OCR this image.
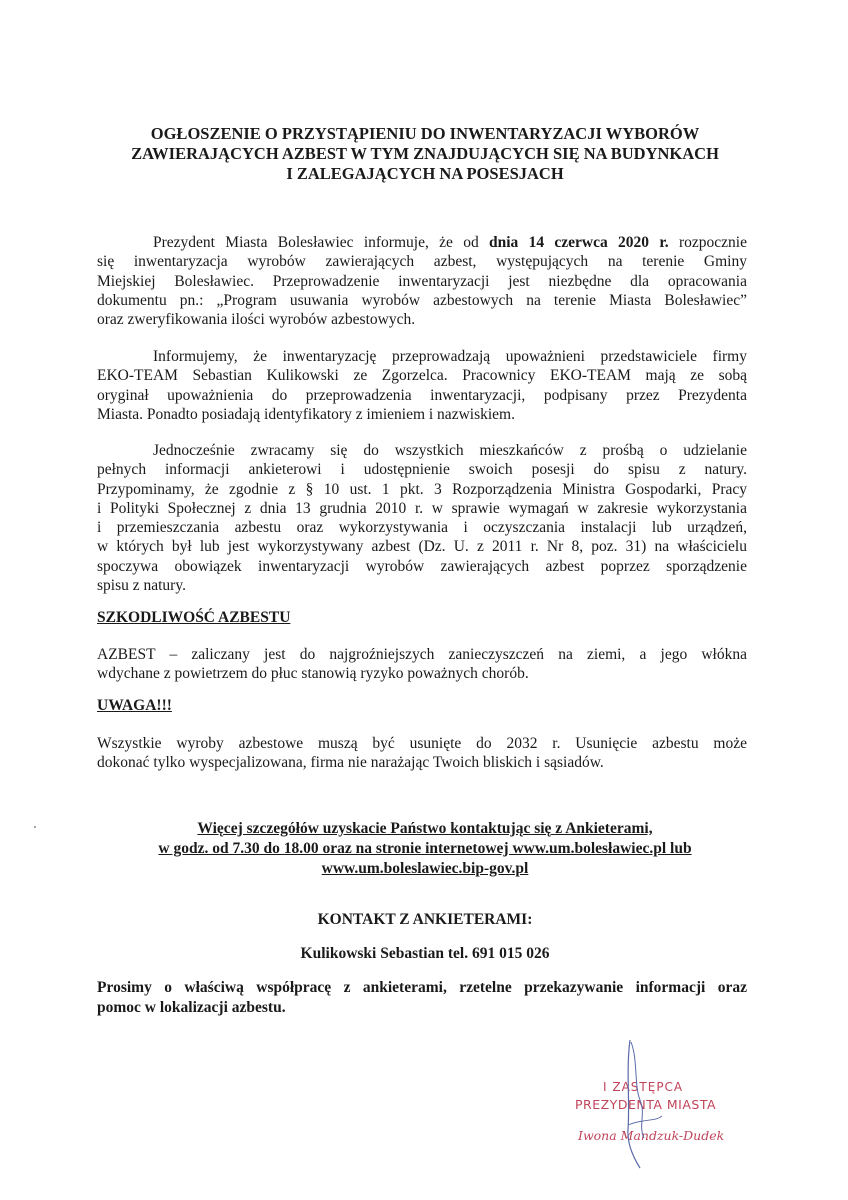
OGŁOSZENIE O PRZYSTĄPIENIU DO INWENTARYZACJI WYBORÓW
ZAWIERAJĄCYCH AZBEST W TYM ZNAJDUJĄCYCH SIĘ NA BUDYNKACH
I ZALEGAJĄCYCH NA POSESJACH
Prezydent Miasta Bolesławiec informuje, że od dnia 14 czerwca 2020 r. rozpocznie
się inwentaryzacja wyrobów zawierających azbest, występujących na terenie Gminy
Miejskiej Bolesławiec. Przeprowadzenie inwentaryzacji jest niezbędne dla opracowania
dokumentu pn.: „Program usuwania wyrobów azbestowych na terenie Miasta Bolesławiec”
oraz zweryfikowania ilości wyrobów azbestowych.
Informujemy, że inwentaryzację przeprowadzają upoważnieni przedstawiciele firmy
EKO-TEAM Sebastian Kulikowski ze Zgorzelca. Pracownicy EKO-TEAM mają ze sobą
oryginał upoważnienia do przeprowadzenia inwentaryzacji, podpisany przez Prezydenta
Miasta. Ponadto posiadają identyfikatory z imieniem i nazwiskiem.
Jednocześnie zwracamy się do wszystkich mieszkańców z prośbą o udzielanie
pełnych informacji ankieterowi i udostępnienie swoich posesji do spisu z natury.
Przypominamy, że zgodnie z § 10 ust. 1 pkt. 3 Rozporządzenia Ministra Gospodarki, Pracy
i Polityki Społecznej z dnia 13 grudnia 2010 r. w sprawie wymagań w zakresie wykorzystania
i przemieszczania azbestu oraz wykorzystywania i oczyszczania instalacji lub urządzeń,
w których był lub jest wykorzystywany azbest (Dz. U. z 2011 r. Nr 8, poz. 31) na właścicielu
spoczywa obowiązek inwentaryzacji wyrobów zawierających azbest poprzez sporządzenie
spisu z natury.
SZKODLIWOŚĆ AZBESTU
AZBEST – zaliczany jest do najgroźniejszych zanieczyszczeń na ziemi, a jego włókna
wdychane z powietrzem do płuc stanowią ryzyko poważnych chorób.
UWAGA!!!
Wszystkie wyroby azbestowe muszą być usunięte do 2032 r. Usunięcie azbestu może
dokonać tylko wyspecjalizowana, firma nie narażając Twoich bliskich i sąsiadów.
Więcej szczegółów uzyskacie Państwo kontaktując się z Ankieterami,
w godz. od 7.30 do 18.00 oraz na stronie internetowej www.um.bolesławiec.pl lub
www.um.boleslawiec.bip-gov.pl
KONTAKT Z ANKIETERAMI:
Kulikowski Sebastian tel. 691 015 026
Prosimy o właściwą współpracę z ankieterami, rzetelne przekazywanie informacji oraz
pomoc w lokalizacji azbestu.
I ZASTĘPCA
PREZYDENTA MIASTA
Iwona Mandzuk-Dudek
